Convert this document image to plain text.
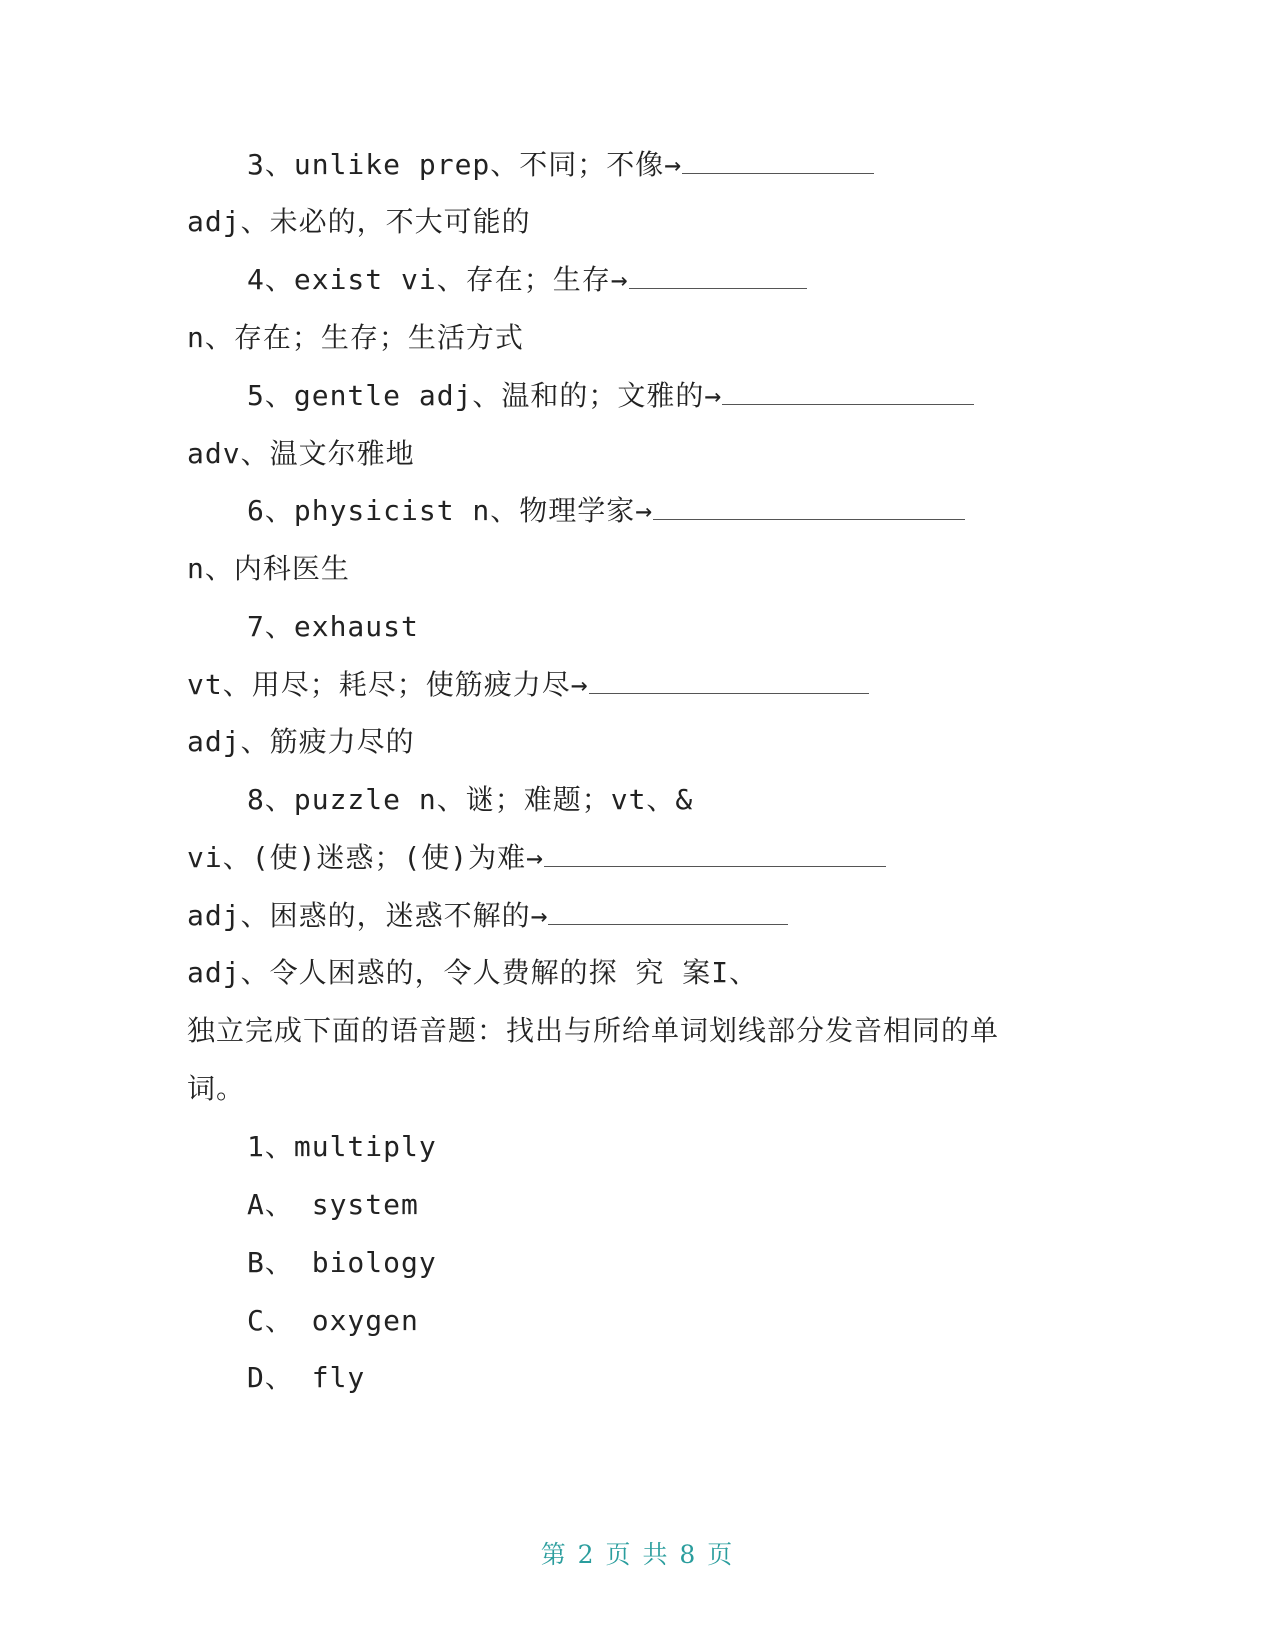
3、unlike prep、不同；不像→
adj、未必的，不大可能的
4、exist vi、存在；生存→
n、存在；生存；生活方式
5、gentle adj、温和的；文雅的→
adv、温文尔雅地
6、physicist n、物理学家→
n、内科医生
7、exhaust
vt、用尽；耗尽；使筋疲力尽→
adj、筋疲力尽的
8、puzzle n、谜；难题；vt、&
vi、(使)迷惑；(使)为难→
adj、困惑的，迷惑不解的→
adj、令人困惑的，令人费解的探 究 案I、
独立完成下面的语音题：找出与所给单词划线部分发音相同的单
词。
1、multiply
A、 system
B、 biology
C、 oxygen
D、 fly
第 2 页 共 8 页
